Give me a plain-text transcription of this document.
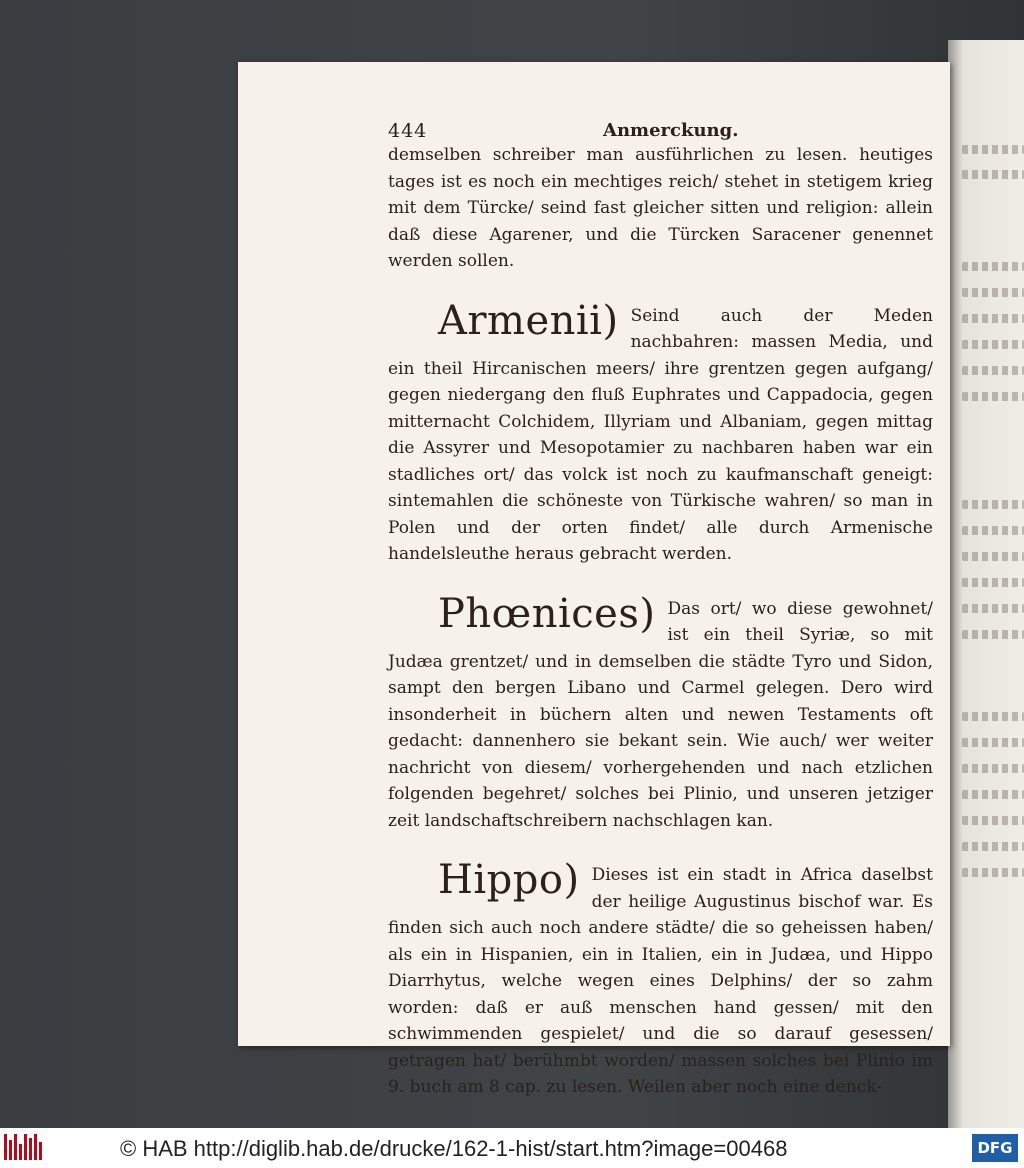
444	Anmerckung.

demselben schreiber man ausführlichen zu lesen. heutiges tages ist es noch ein mechtiges reich/ stehet in stetigem krieg mit dem Türcke/ seind fast gleicher sitten und religion: allein daß diese Agarener, und die Türcken Saracener genennet werden sollen.

Armenii) Seind auch der Meden nachbahren: massen Media, und ein theil Hircanischen meers/ ihre grentzen gegen aufgang/ gegen niedergang den fluß Euphrates und Cappadocia, gegen mitternacht Colchidem, Illyriam und Albaniam, gegen mittag die Assyrer und Mesopotamier zu nachbaren haben war ein stadliches ort/ das volck ist noch zu kaufmanschaft geneigt: sintemahlen die schöneste von Türkische wahren/ so man in Polen und der orten findet/ alle durch Armenische handelsleuthe heraus gebracht werden.

Phœnices) Das ort/ wo diese gewohnet/ ist ein theil Syriæ, so mit Judæa grentzet/ und in demselben die städte Tyro und Sidon, sampt den bergen Libano und Carmel gelegen. Dero wird insonderheit in büchern alten und newen Testaments oft gedacht: dannenhero sie bekant sein. Wie auch/ wer weiter nachricht von diesem/ vorhergehenden und nach etzlichen folgenden begehret/ solches bei Plinio, und unseren jetziger zeit landschaftschreibern nachschlagen kan.

Hippo) Dieses ist ein stadt in Africa daselbst der heilige Augustinus bischof war. Es finden sich auch noch andere städte/ die so geheissen haben/ als ein in Hispanien, ein in Italien, ein in Judæa, und Hippo Diarrhytus, welche wegen eines Delphins/ der so zahm worden: daß er auß menschen hand gessen/ mit den schwimmenden gespielet/ und die so darauf gesessen/ getragen hat/ berühmbt worden/ massen solches bei Plinio im 9. buch am 8 cap. zu lesen. Weilen aber noch eine denck-

© HAB http://diglib.hab.de/drucke/162-1-hist/start.htm?image=00468	DFG
